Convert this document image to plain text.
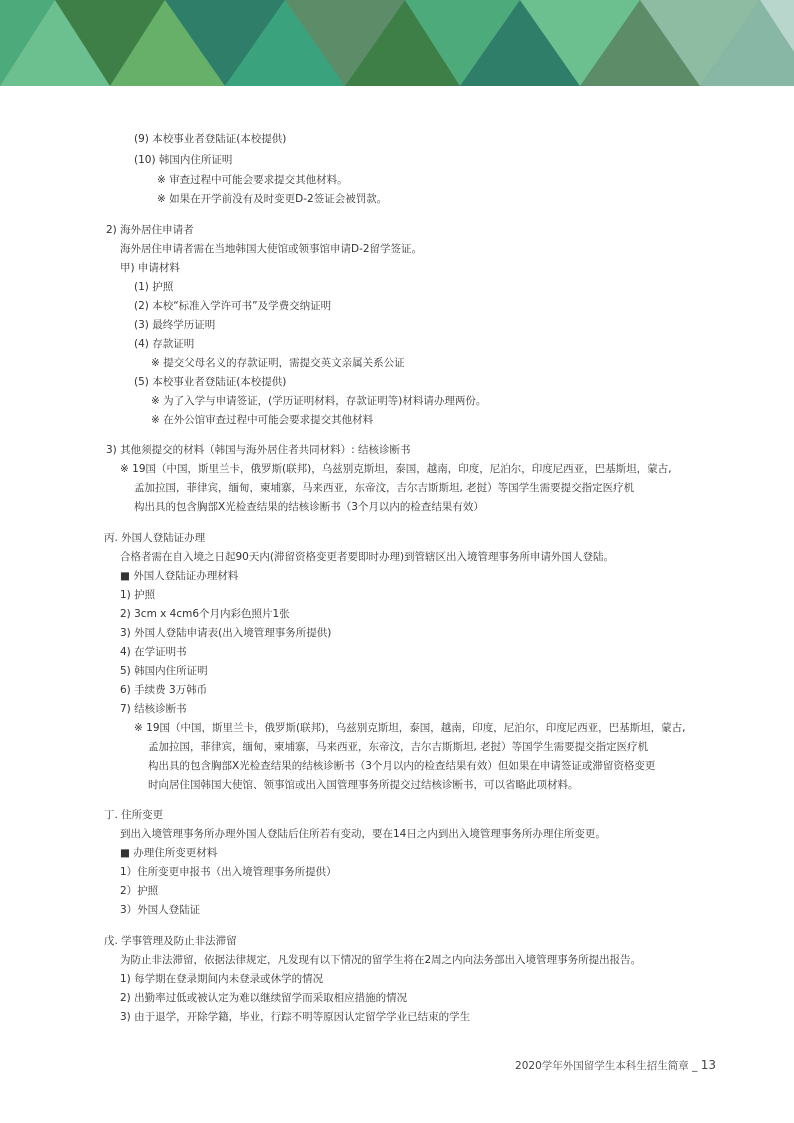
(9) 本校事业者登陆证(本校提供)
(10) 韩国内住所证明
※ 审查过程中可能会要求提交其他材料。
※ 如果在开学前没有及时变更D-2签证会被罚款。
2) 海外居住申请者
海外居住申请者需在当地韩国大使馆或领事馆申请D-2留学签证。
甲) 申请材料
(1) 护照
(2) 本校“标准入学许可书”及学费交纳证明
(3) 最终学历证明
(4) 存款证明
※ 提交父母名义的存款证明，需提交英文亲属关系公证
(5) 本校事业者登陆证(本校提供)
※ 为了入学与申请签证，(学历证明材料，存款证明等)材料请办理两份。
※ 在外公馆审查过程中可能会要求提交其他材料
3) 其他须提交的材料（韩国与海外居住者共同材料）: 结核诊断书
※ 19国（中国，斯里兰卡，俄罗斯(联邦)，乌兹别克斯坦，泰国，越南，印度，尼泊尔，印度尼西亚，巴基斯坦，蒙古,
孟加拉国，菲律宾，缅甸，柬埔寨，马来西亚，东帝汶，吉尔吉斯斯坦, 老挝）等国学生需要提交指定医疗机
构出具的包含胸部X光检查结果的结核诊断书（3个月以内的检查结果有效）
丙. 外国人登陆证办理
合格者需在自入境之日起90天内(滞留资格变更者要即时办理)到管辖区出入境管理事务所申请外国人登陆。
■ 外国人登陆证办理材料
1) 护照
2) 3cm x 4cm6个月内彩色照片1张
3) 外国人登陆申请表(出入境管理事务所提供)
4) 在学证明书
5) 韩国内住所证明
6) 手续费 3万韩币
7) 结核诊断书
※ 19国（中国，斯里兰卡，俄罗斯(联邦)，乌兹别克斯坦，泰国，越南，印度，尼泊尔，印度尼西亚，巴基斯坦，蒙古,
孟加拉国，菲律宾，缅甸，柬埔寨，马来西亚，东帝汶，吉尔吉斯斯坦, 老挝）等国学生需要提交指定医疗机
构出具的包含胸部X光检查结果的结核诊断书（3个月以内的检查结果有效）但如果在申请签证或滞留资格变更
时向居住国韩国大使馆、领事馆或出入国管理事务所提交过结核诊断书，可以省略此项材料。
丁. 住所变更
到出入境管理事务所办理外国人登陆后住所若有变动，要在14日之内到出入境管理事务所办理住所变更。
■ 办理住所变更材料
1）住所变更申报书（出入境管理事务所提供）
2）护照
3）外国人登陆证
戊. 学事管理及防止非法滞留
为防止非法滞留，依据法律规定，凡发现有以下情况的留学生将在2周之内向法务部出入境管理事务所提出报告。
1) 每学期在登录期间内未登录或休学的情况
2) 出勤率过低或被认定为难以继续留学而采取相应措施的情况
3) 由于退学，开除学籍，毕业，行踪不明等原因认定留学学业已结束的学生
2020学年外国留学生本科生招生简章 _ 13
